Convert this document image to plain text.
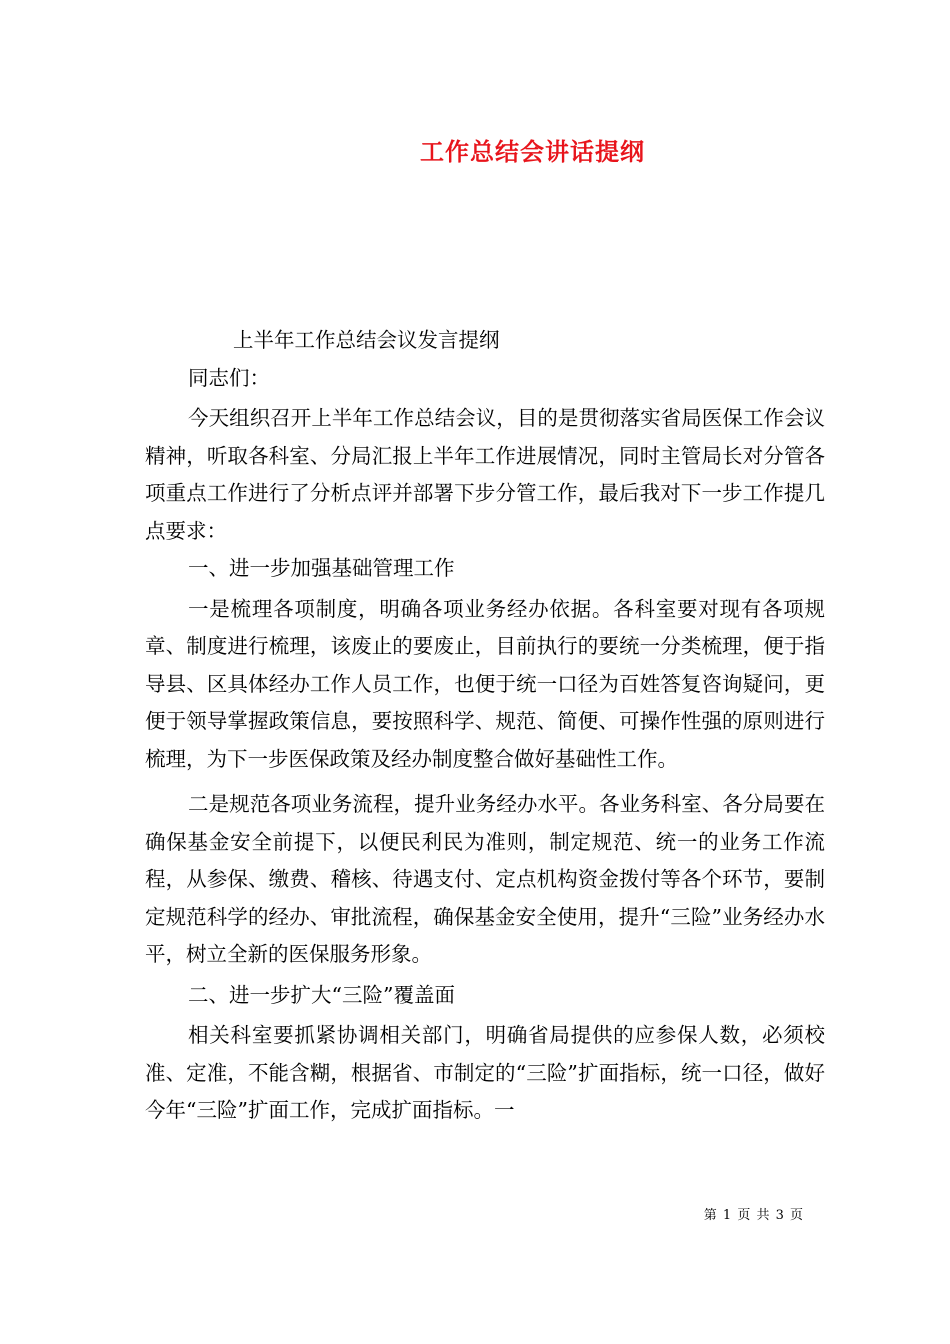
工作总结会讲话提纲

上半年工作总结会议发言提纲

同志们：

今天组织召开上半年工作总结会议，目的是贯彻落实省局医保工作会议精神，听取各科室、分局汇报上半年工作进展情况，同时主管局长对分管各项重点工作进行了分析点评并部署下步分管工作，最后我对下一步工作提几点要求：

一、进一步加强基础管理工作

一是梳理各项制度，明确各项业务经办依据。各科室要对现有各项规章、制度进行梳理，该废止的要废止，目前执行的要统一分类梳理，便于指导县、区具体经办工作人员工作，也便于统一口径为百姓答复咨询疑问，更便于领导掌握政策信息，要按照科学、规范、简便、可操作性强的原则进行梳理，为下一步医保政策及经办制度整合做好基础性工作。

二是规范各项业务流程，提升业务经办水平。各业务科室、各分局要在确保基金安全前提下，以便民利民为准则，制定规范、统一的业务工作流程，从参保、缴费、稽核、待遇支付、定点机构资金拨付等各个环节，要制定规范科学的经办、审批流程，确保基金安全使用，提升“三险”业务经办水平，树立全新的医保服务形象。

二、进一步扩大“三险”覆盖面

相关科室要抓紧协调相关部门，明确省局提供的应参保人数，必须校准、定准，不能含糊，根据省、市制定的“三险”扩面指标，统一口径，做好今年“三险”扩面工作，完成扩面指标。一

第 1 页 共 3 页
